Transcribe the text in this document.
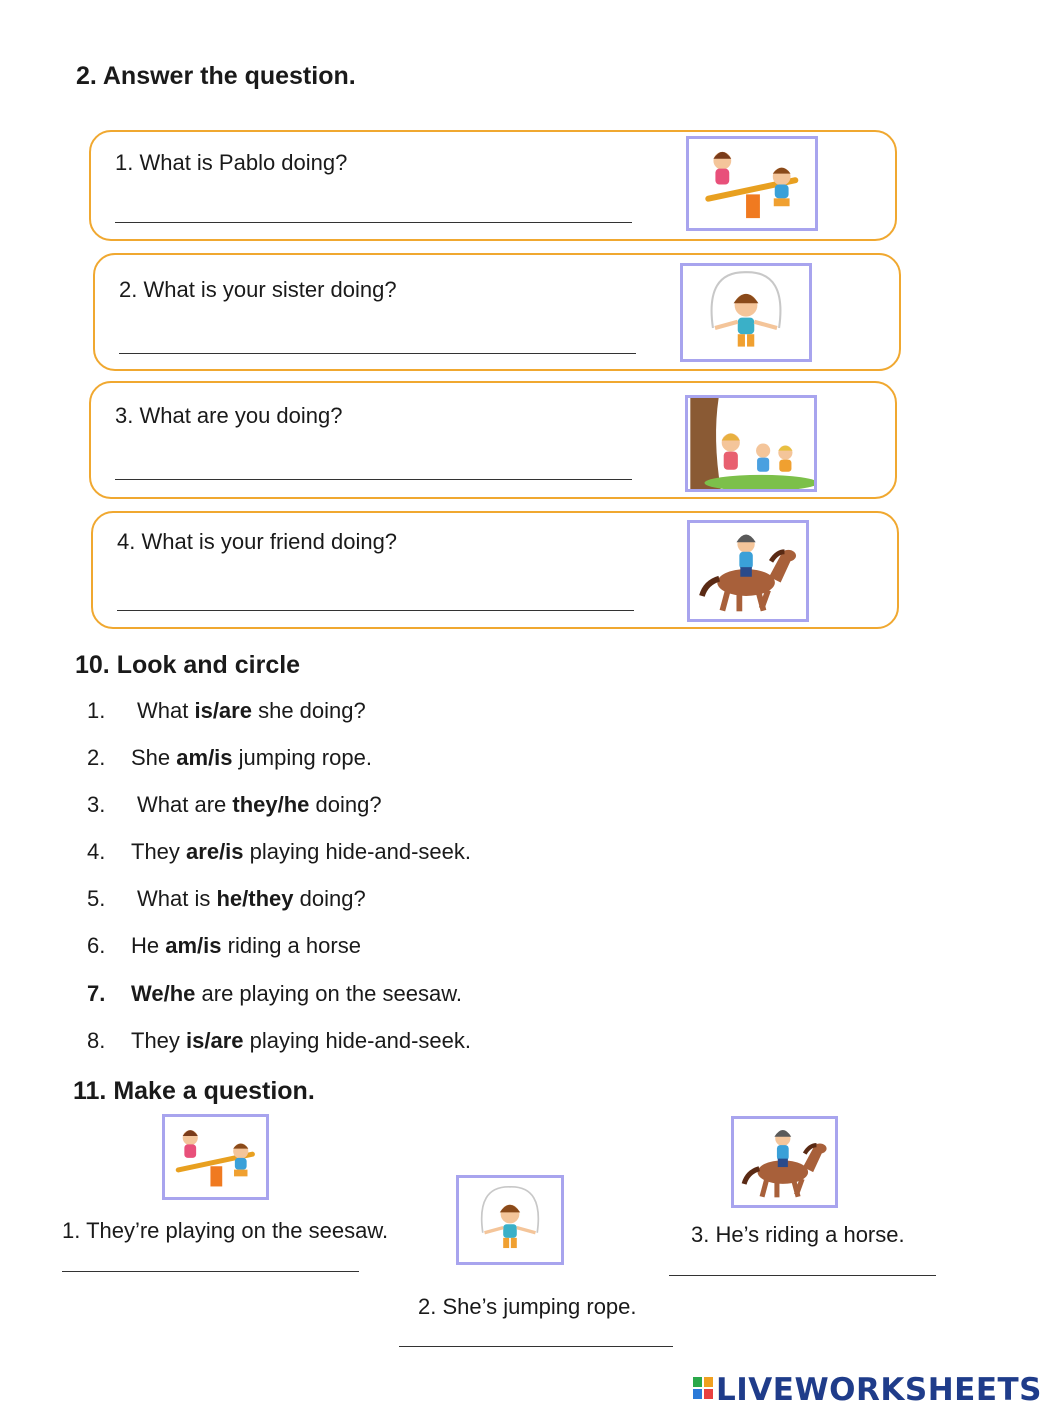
2. Answer the question.
1. What is Pablo doing?
2. What is your sister doing?
3. What are you doing?
4. What is your friend doing?
10. Look and circle
1. What is/are she doing?
2. She am/is jumping rope.
3. What are they/he doing?
4. They are/is playing hide-and-seek.
5. What is he/they doing?
6. He am/is riding a horse
7. We/he are playing on the seesaw.
8. They is/are playing hide-and-seek.
11. Make a question.
1. They’re playing on the seesaw.
2. She’s jumping rope.
3. He’s riding a horse.
LIVEWORKSHEETS
